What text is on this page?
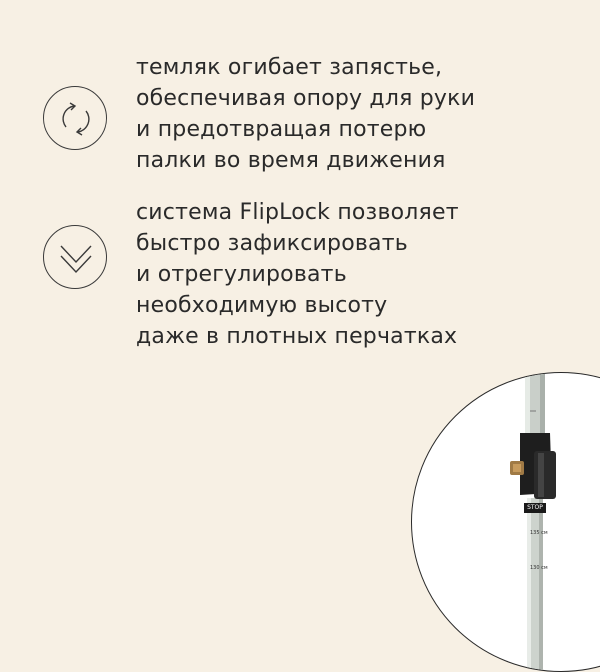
темляк огибает запястье,
обеспечивая опору для руки
и предотвращая потерю
палки во время движения
система FlipLock позволяет
быстро зафиксировать
и отрегулировать
необходимую высоту
даже в плотных перчатках
STOP
135 см
130 см
